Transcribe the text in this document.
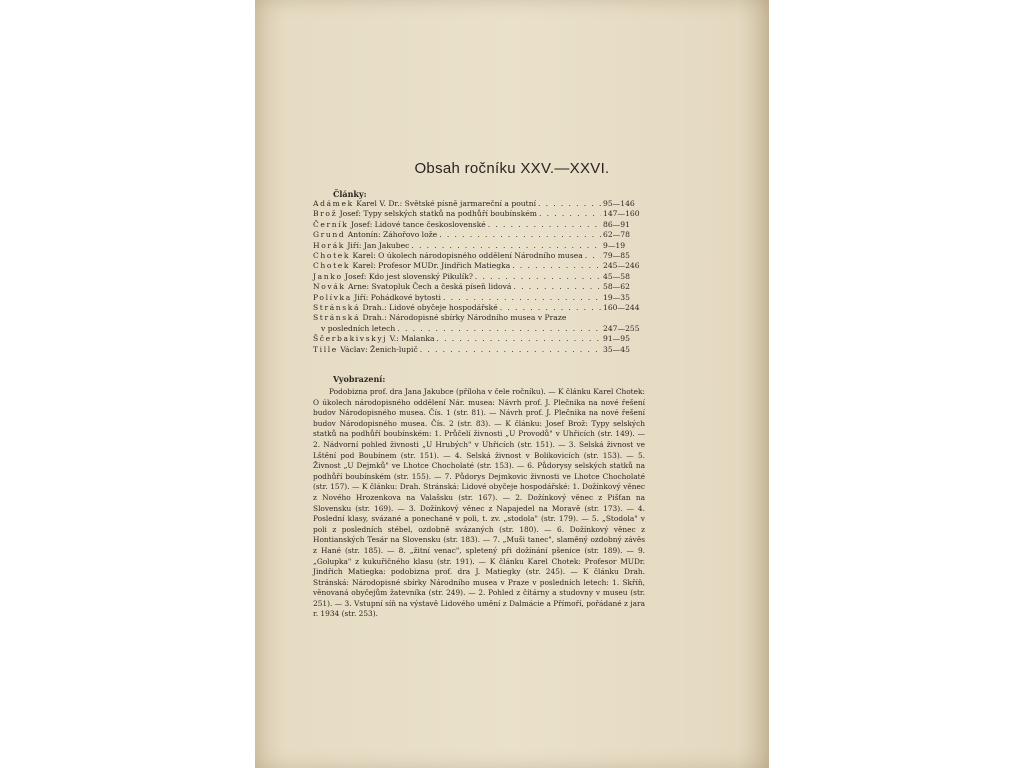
Obsah ročníku XXV.—XXVI.
Články:
Adámek Karel V. Dr.: Světské písně jarmareční a poutní . . .	95—146
Brož Josef: Typy selských statků na podhůří boubínském . . .	147—160
Černík Josef: Lidové tance československé . . .	86—91
Grund Antonín: Záhořovo lože . . .	62—78
Horák Jiří: Jan Jakubec . . .	9—19
Chotek Karel: O úkolech národopisného oddělení Národního musea . . .	79—85
Chotek Karel: Profesor MUDr. Jindřich Matiegka . . .	245—246
Janko Josef: Kdo jest slovenský Pikulík? . . .	45—58
Novák Arne: Svatopluk Čech a česká píseň lidová . . .	58—62
Polívka Jiří: Pohádkové bytosti . . .	19—35
Stránská Drah.: Lidové obyčeje hospodářské . . .	160—244
Stránská Drah.: Národopisné sbírky Národního musea v Praze
v posledních letech . . .	247—255
Ščerbakivskyj V.: Malanka . . .	91—95
Tille Václav: Ženich-lupič . . .	35—45
Vyobrazení:
Podobizna prof. dra Jana Jakubce (příloha v čele ročníku). — K článku Karel Chotek: O úkolech národopisného oddělení Nár. musea: Návrh prof. J. Plečnika na nové řešení budov Národopisného musea. Čís. 1 (str. 81). — Návrh prof. J. Plečnika na nové řešení budov Národopisného musea. Čís. 2 (str. 83). — K článku: Josef Brož: Typy selských statků na podhůří boubínském: 1. Průčelí živnosti „U Provodů" v Uhřicích (str. 149). — 2. Nádvorní pohled živnosti „U Hrubých" v Uhřicích (str. 151). — 3. Selská živnost ve Lštění pod Boubínem (str. 151). — 4. Selská živnost v Bolikovicích (str. 153). — 5. Živnost „U Dejmků" ve Lhotce Chocholaté (str. 153). — 6. Půdorysy selských statků na podhůří boubínském (str. 155). — 7. Půdorys Dejmkovic živnosti ve Lhotce Chocholaté (str. 157). — K článku: Drah. Stránská: Lidové obyčeje hospodářské: 1. Dožínkový věnec z Nového Hrozenkova na Valašsku (str. 167). — 2. Dožínkový věnec z Pišťan na Slovensku (str. 169). — 3. Dožínkový věnec z Napajedel na Moravě (str. 173). — 4. Poslední klasy, svázané a ponechané v poli, t. zv. „stodola" (str. 179). — 5. „Stodola" v poli z posledních stébel, ozdobně svázaných (str. 180). — 6. Dožínkový věnec z Hontianských Tesár na Slovensku (str. 183). — 7. „Muši tanec", slaměný ozdobný závěs z Hané (str. 185). — 8. „žitní venac", spletený při dožínání pšenice (str. 189). — 9. „Golupka" z kukuřičného klasu (str. 191). — K článku Karel Chotek: Profesor MUDr. Jindřich Matiegka: podobizna prof. dra J. Matiegky (str. 245). — K článku Drah. Stránská: Národopisné sbírky Národního musea v Praze v posledních letech: 1. Skříň, věnovaná obyčejům žatevníka (str. 249). — 2. Pohled z čítárny a studovny v museu (str. 251). — 3. Vstupní síň na výstavě Lidového umění z Dalmácie a Přímoří, pořádané z jara r. 1934 (str. 253).
